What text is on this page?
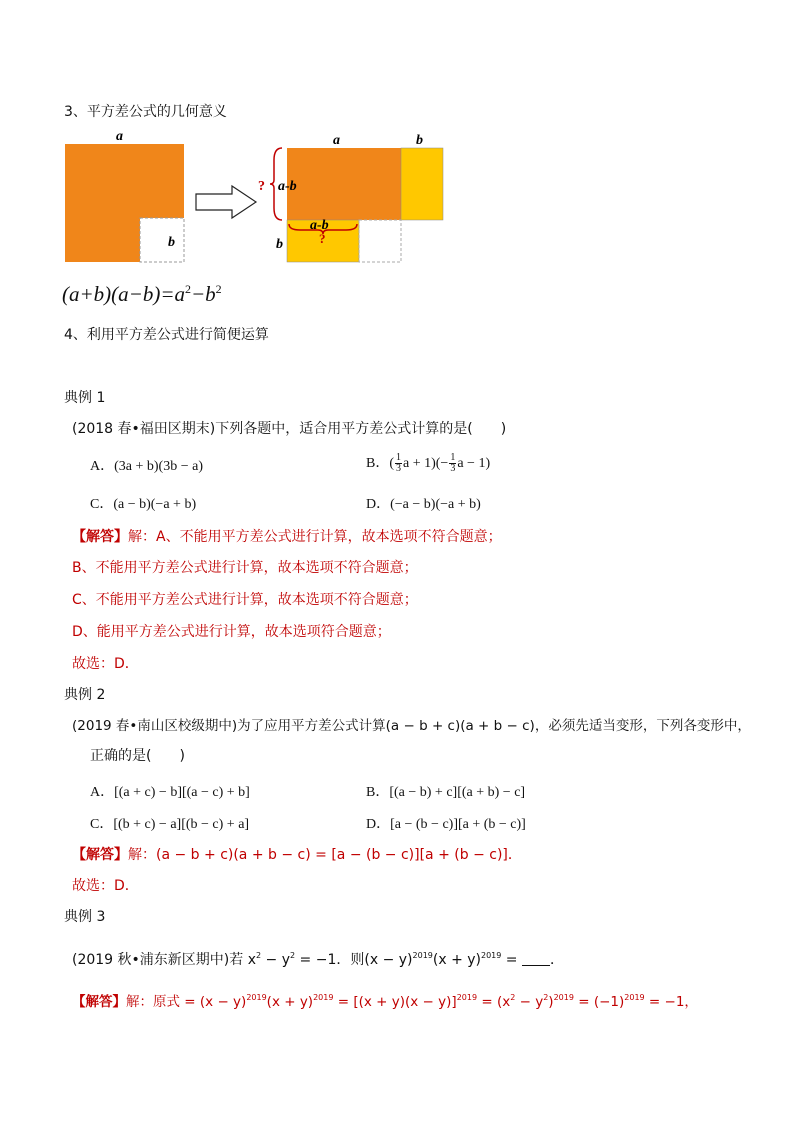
3、平方差公式的几何意义
a
b
a	b
a-b
?
b
a-b
?
$(a+b)(a-b)=a^2-b^2$
4、利用平方差公式进行简便运算
典例 1
(2018 春•福田区期末)下列各题中，适合用平方差公式计算的是(　　)
A．(3a + b)(3b − a)	B．( $\frac{1}{3}$ $a + 1)(- \frac{1}{3}$ a − 1)
C．(a − b)(−a + b)	D．(−a − b)(−a + b)
【解答】解：A、不能用平方差公式进行计算，故本选项不符合题意；
B、不能用平方差公式进行计算，故本选项不符合题意；
C、不能用平方差公式进行计算，故本选项不符合题意；
D、能用平方差公式进行计算，故本选项符合题意；
故选：D．
典例 2
(2019 春•南山区校级期中)为了应用平方差公式计算(a − b + c)(a + b − c)，必须先适当变形，下列各变形中，
正确的是(　　)
A．[(a + c) − b][(a − c) + b]	B．[(a − b) + c][(a + b) − c]
C．[(b + c) − a][(b − c) + a]	D．[a − (b − c)][a + (b − c)]
【解答】解：(a − b + c)(a + b − c) = [a − (b − c)][a + (b − c)]．
故选：D．
典例 3
(2019 秋•浦东新区期中)若 $x^2 - y^2 = -1$．则$(x - y)^{2019}(x + y)^{2019}$ = ．
【解答】解：原式 = $(x - y)^{2019}(x + y)^{2019} = [(x + y)(x - y)]^{2019} = (x^2 - y^2)^{2019} = (-1)^{2019} = -1$，
